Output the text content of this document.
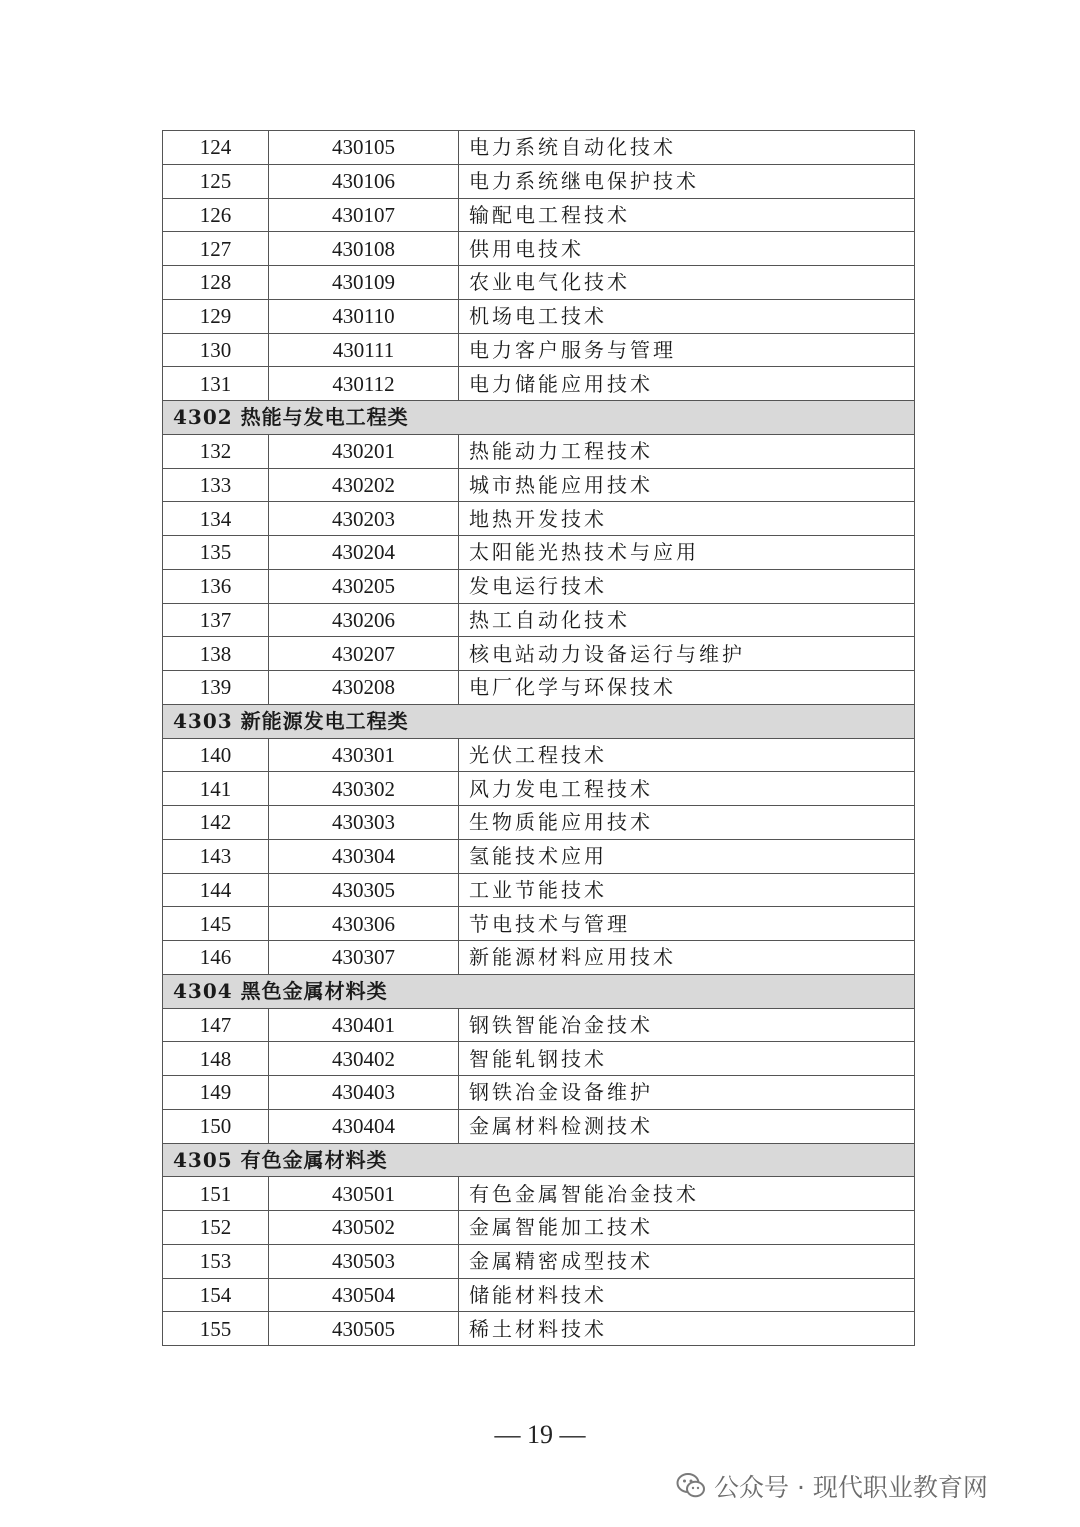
124	430105	电力系统自动化技术
125	430106	电力系统继电保护技术
126	430107	输配电工程技术
127	430108	供用电技术
128	430109	农业电气化技术
129	430110	机场电工技术
130	430111	电力客户服务与管理
131	430112	电力储能应用技术
4302 热能与发电工程类		
132	430201	热能动力工程技术
133	430202	城市热能应用技术
134	430203	地热开发技术
135	430204	太阳能光热技术与应用
136	430205	发电运行技术
137	430206	热工自动化技术
138	430207	核电站动力设备运行与维护
139	430208	电厂化学与环保技术
4303 新能源发电工程类		
140	430301	光伏工程技术
141	430302	风力发电工程技术
142	430303	生物质能应用技术
143	430304	氢能技术应用
144	430305	工业节能技术
145	430306	节电技术与管理
146	430307	新能源材料应用技术
4304 黑色金属材料类		
147	430401	钢铁智能冶金技术
148	430402	智能轧钢技术
149	430403	钢铁冶金设备维护
150	430404	金属材料检测技术
4305 有色金属材料类		
151	430501	有色金属智能冶金技术
152	430502	金属智能加工技术
153	430503	金属精密成型技术
154	430504	储能材料技术
155	430505	稀土材料技术
— 19 —
公众号 · 现代职业教育网
